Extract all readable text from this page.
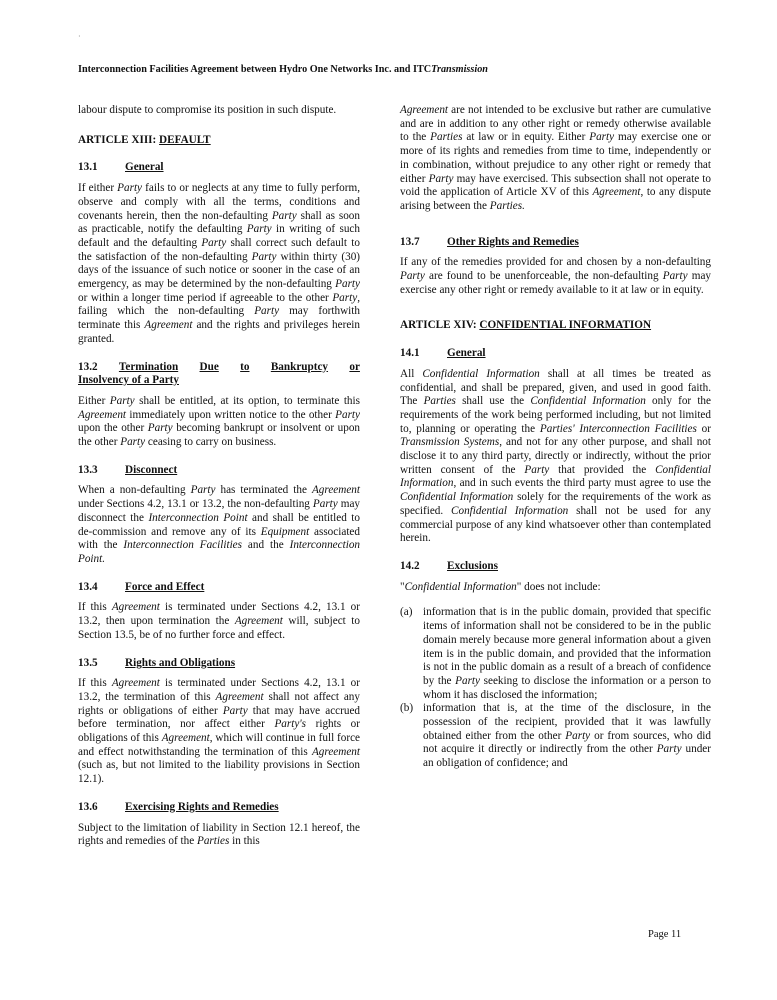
·
Interconnection Facilities Agreement between Hydro One Networks Inc. and ITCTransmission

labour dispute to compromise its position in such dispute.

ARTICLE XIII: DEFAULT
13.1 General

If either Party fails to or neglects at any time to fully perform, observe and comply with all the terms, conditions and covenants herein, then the non-defaulting Party shall as soon as practicable, notify the defaulting Party in writing of such default and the defaulting Party shall correct such default to the satisfaction of the non-defaulting Party within thirty (30) days of the issuance of such notice or sooner in the case of an emergency, as may be determined by the non-defaulting Party or within a longer time period if agreeable to the other Party, failing which the non-defaulting Party may forthwith terminate this Agreement and the rights and privileges herein granted.

13.2 Termination Due to Bankruptcy or
Insolvency of a Party

Either Party shall be entitled, at its option, to terminate this Agreement immediately upon written notice to the other Party upon the other Party becoming bankrupt or insolvent or upon the other Party ceasing to carry on business.

13.3 Disconnect

When a non-defaulting Party has terminated the Agreement under Sections 4.2, 13.1 or 13.2, the non-defaulting Party may disconnect the Interconnection Point and shall be entitled to de-commission and remove any of its Equipment associated with the Interconnection Facilities and the Interconnection Point.

13.4 Force and Effect

If this Agreement is terminated under Sections 4.2, 13.1 or 13.2, then upon termination the Agreement will, subject to Section 13.5, be of no further force and effect.

13.5 Rights and Obligations

If this Agreement is terminated under Sections 4.2, 13.1 or 13.2, the termination of this Agreement shall not affect any rights or obligations of either Party that may have accrued before termination, nor affect either Party's rights or obligations of this Agreement, which will continue in full force and effect notwithstanding the termination of this Agreement (such as, but not limited to the liability provisions in Section 12.1).

13.6 Exercising Rights and Remedies

Subject to the limitation of liability in Section 12.1 hereof, the rights and remedies of the Parties in this

Agreement are not intended to be exclusive but rather are cumulative and are in addition to any other right or remedy otherwise available to the Parties at law or in equity. Either Party may exercise one or more of its rights and remedies from time to time, independently or in combination, without prejudice to any other right or remedy that either Party may have exercised. This subsection shall not operate to void the application of Article XV of this Agreement, to any dispute arising between the Parties.

13.7 Other Rights and Remedies

If any of the remedies provided for and chosen by a non-defaulting Party are found to be unenforceable, the non-defaulting Party may exercise any other right or remedy available to it at law or in equity.

ARTICLE XIV: CONFIDENTIAL INFORMATION
14.1 General

All Confidential Information shall at all times be treated as confidential, and shall be prepared, given, and used in good faith. The Parties shall use the Confidential Information only for the requirements of the work being performed including, but not limited to, planning or operating the Parties' Interconnection Facilities or Transmission Systems, and not for any other purpose, and shall not disclose it to any third party, directly or indirectly, without the prior written consent of the Party that provided the Confidential Information, and in such events the third party must agree to use the Confidential Information solely for the requirements of the work as specified. Confidential Information shall not be used for any commercial purpose of any kind whatsoever other than contemplated herein.

14.2 Exclusions

"Confidential Information" does not include:

(a) information that is in the public domain, provided that specific items of information shall not be considered to be in the public domain merely because more general information about a given item is in the public domain, and provided that the information is not in the public domain as a result of a breach of confidence by the Party seeking to disclose the information or a person to whom it has disclosed the information;
(b) information that is, at the time of the disclosure, in the possession of the recipient, provided that it was lawfully obtained either from the other Party or from sources, who did not acquire it directly or indirectly from the other Party under an obligation of confidence; and
Page 11
